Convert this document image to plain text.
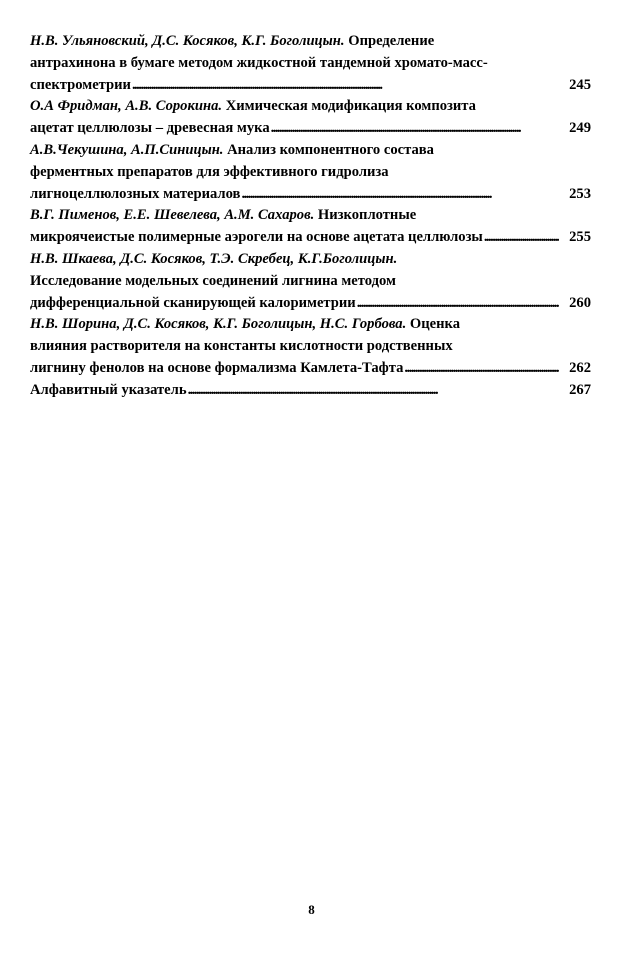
Н.В. Ульяновский, Д.С. Косяков, К.Г. Боголицын. Определение
антрахинона в бумаге методом жидкостной тандемной хромато-масс-
спектрометрии . . .	245
О.А Фридман, А.В. Сорокина. Химическая модификация композита
ацетат целлюлозы – древесная мука . . .	249
А.В.Чекушина, А.П.Синицын. Анализ компонентного состава
ферментных препаратов для эффективного гидролиза
лигноцеллюлозных материалов . . .	253
В.Г. Пименов, Е.Е. Шевелева, А.М. Сахаров. Низкоплотные
микроячеистые полимерные аэрогели на основе ацетата целлюлозы . . .	255
Н.В. Шкаева, Д.С. Косяков, Т.Э. Скребец, К.Г.Боголицын.
Исследование модельных соединений лигнина методом
дифференциальной сканирующей калориметрии . . .	260
Н.В. Шорина, Д.С. Косяков, К.Г. Боголицын, Н.С. Горбова. Оценка
влияния растворителя на константы кислотности родственных
лигнину фенолов на основе формализма Камлета-Тафта . . .	262
Алфавитный указатель . . .	267
8
